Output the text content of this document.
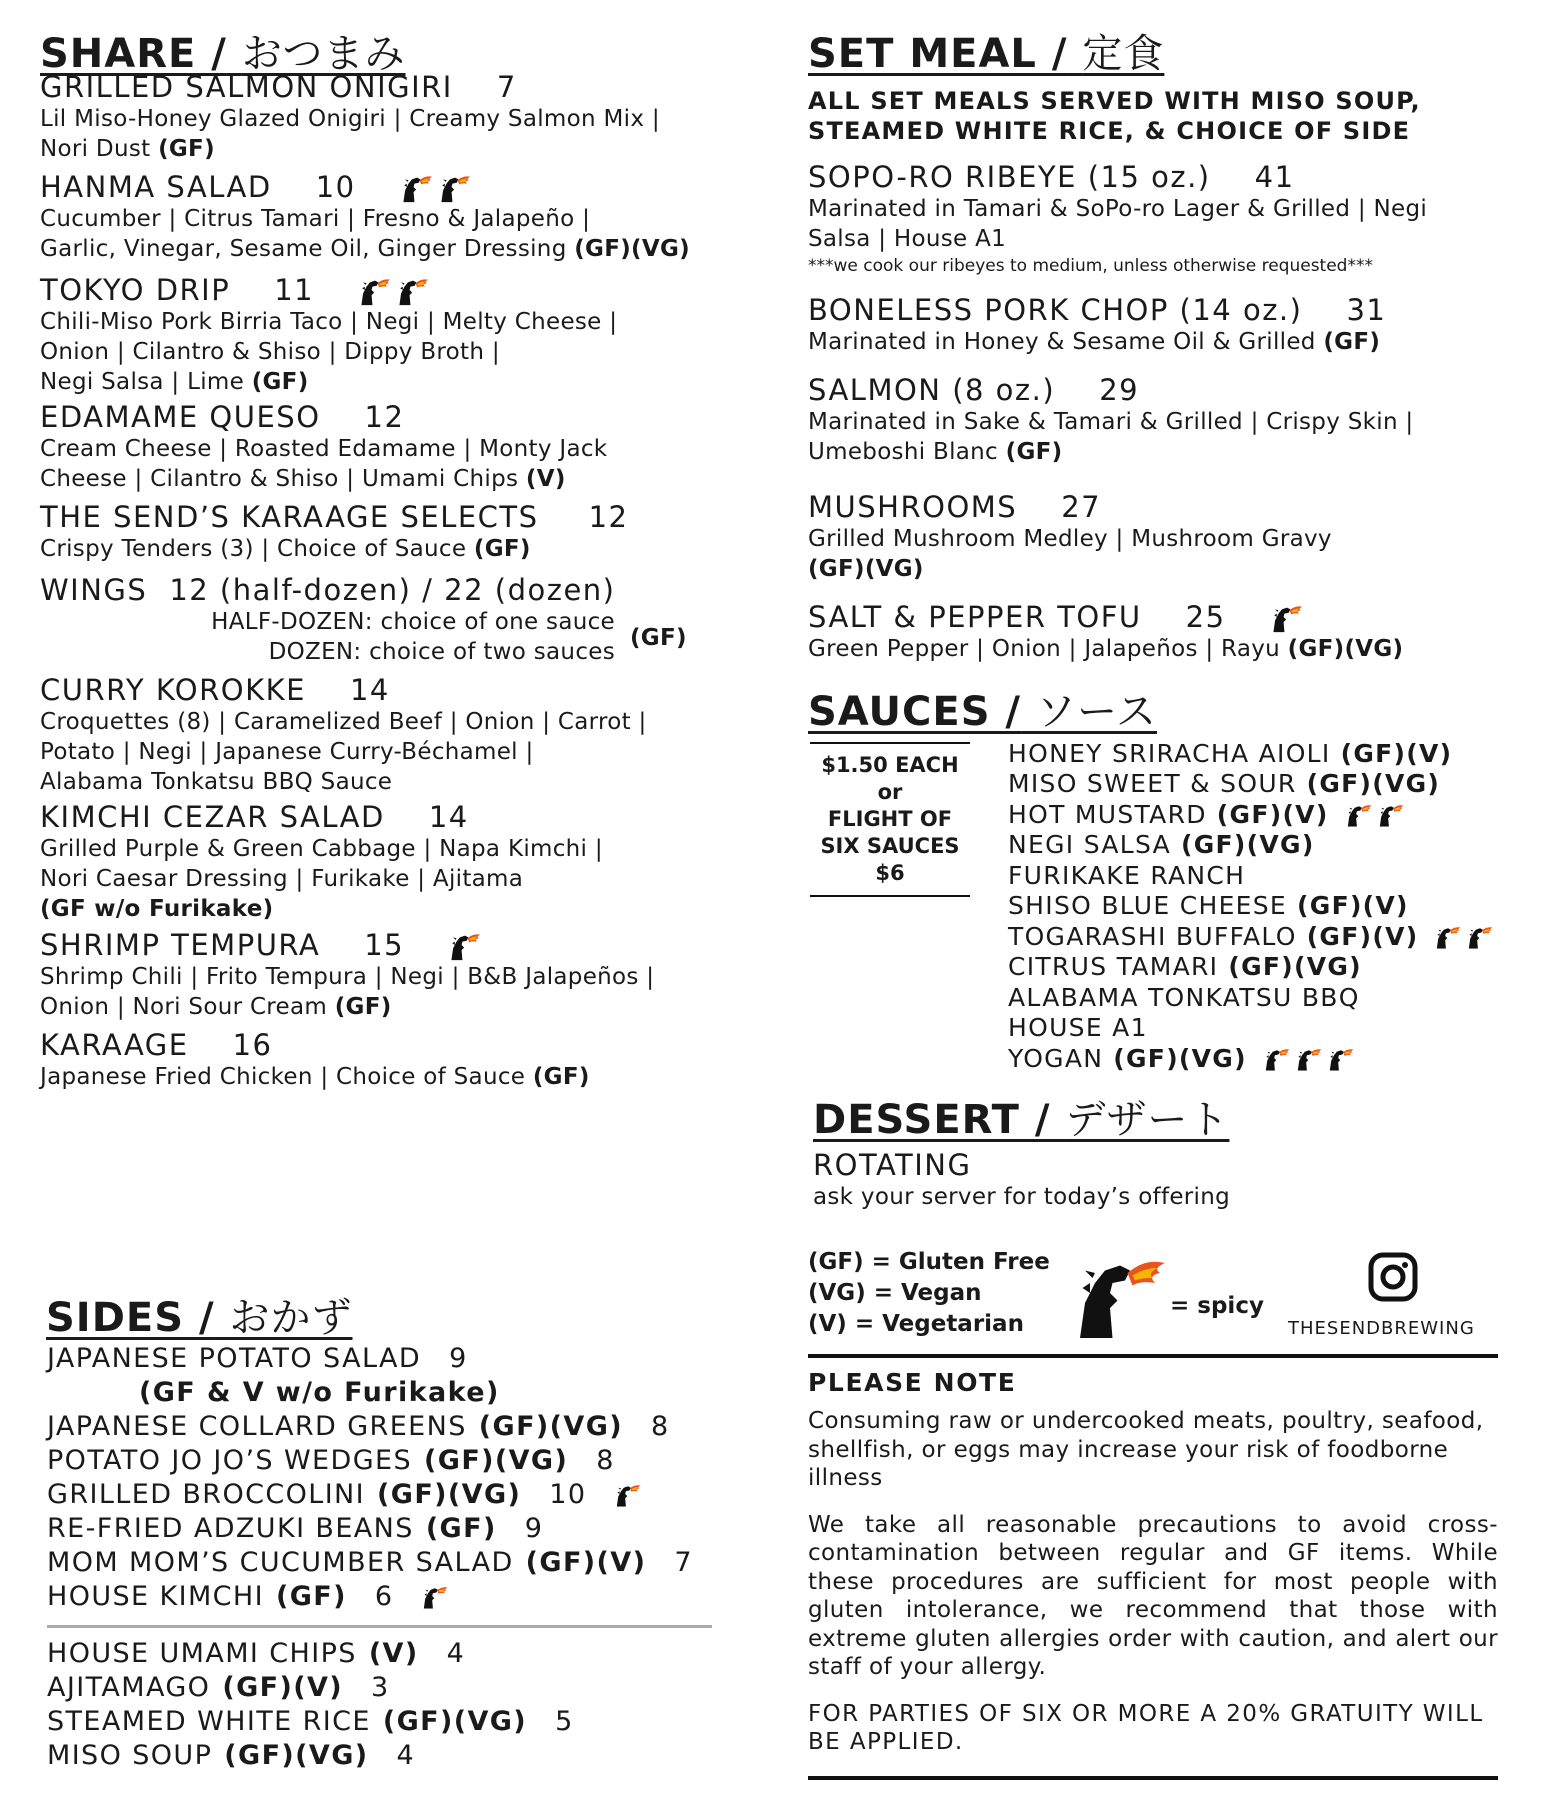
SHARE / おつまみ
GRILLED SALMON ONIGIRI 7
Lil Miso-Honey Glazed Onigiri | Creamy Salmon Mix |
Nori Dust (GF)
HANMA SALAD 10
Cucumber | Citrus Tamari | Fresno & Jalapeño |
Garlic, Vinegar, Sesame Oil, Ginger Dressing (GF)(VG)
TOKYO DRIP 11
Chili-Miso Pork Birria Taco | Negi | Melty Cheese |
Onion | Cilantro & Shiso | Dippy Broth |
Negi Salsa | Lime (GF)
EDAMAME QUESO 12
Cream Cheese | Roasted Edamame | Monty Jack
Cheese | Cilantro & Shiso | Umami Chips (V)
THE SEND’S KARAAGE SELECTS 12
Crispy Tenders (3) | Choice of Sauce (GF)
WINGS 12 (half-dozen) / 22 (dozen)
HALF-DOZEN: choice of one sauce
DOZEN: choice of two sauces
(GF)
CURRY KOROKKE 14
Croquettes (8) | Caramelized Beef | Onion | Carrot |
Potato | Negi | Japanese Curry-Béchamel |
Alabama Tonkatsu BBQ Sauce
KIMCHI CEZAR SALAD 14
Grilled Purple & Green Cabbage | Napa Kimchi |
Nori Caesar Dressing | Furikake | Ajitama
(GF w/o Furikake)
SHRIMP TEMPURA 15
Shrimp Chili | Frito Tempura | Negi | B&B Jalapeños |
Onion | Nori Sour Cream (GF)
KARAAGE 16
Japanese Fried Chicken | Choice of Sauce (GF)
SIDES / おかず
JAPANESE POTATO SALAD 9
(GF & V w/o Furikake)
JAPANESE COLLARD GREENS (GF)(VG) 8
POTATO JO JO’S WEDGES (GF)(VG) 8
GRILLED BROCCOLINI (GF)(VG) 10
RE-FRIED ADZUKI BEANS (GF) 9
MOM MOM’S CUCUMBER SALAD (GF)(V) 7
HOUSE KIMCHI (GF) 6
HOUSE UMAMI CHIPS (V) 4
AJITAMAGO (GF)(V) 3
STEAMED WHITE RICE (GF)(VG) 5
MISO SOUP (GF)(VG) 4
SET MEAL / 定食
ALL SET MEALS SERVED WITH MISO SOUP,
STEAMED WHITE RICE, & CHOICE OF SIDE
SOPO-RO RIBEYE (15 oz.) 41
Marinated in Tamari & SoPo-ro Lager & Grilled | Negi
Salsa | House A1
***we cook our ribeyes to medium, unless otherwise requested***
BONELESS PORK CHOP (14 oz.) 31
Marinated in Honey & Sesame Oil & Grilled (GF)
SALMON (8 oz.) 29
Marinated in Sake & Tamari & Grilled | Crispy Skin |
Umeboshi Blanc (GF)
MUSHROOMS 27
Grilled Mushroom Medley | Mushroom Gravy
(GF)(VG)
SALT & PEPPER TOFU 25
Green Pepper | Onion | Jalapeños | Rayu (GF)(VG)
SAUCES / ソース
$1.50 EACH
or
FLIGHT OF
SIX SAUCES
$6
HONEY SRIRACHA AIOLI (GF)(V)
MISO SWEET & SOUR (GF)(VG)
HOT MUSTARD (GF)(V)
NEGI SALSA (GF)(VG)
FURIKAKE RANCH
SHISO BLUE CHEESE (GF)(V)
TOGARASHI BUFFALO (GF)(V)
CITRUS TAMARI (GF)(VG)
ALABAMA TONKATSU BBQ
HOUSE A1
YOGAN (GF)(VG)
DESSERT / デザート
ROTATING
ask your server for today’s offering
(GF) = Gluten Free
(VG) = Vegan
(V) = Vegetarian
= spicy
THESENDBREWING
PLEASE NOTE
Consuming raw or undercooked meats, poultry, seafood, shellfish, or eggs may increase your risk of foodborne illness
We take all reasonable precautions to avoid cross-contamination between regular and GF items. While these procedures are sufficient for most people with gluten intolerance, we recommend that those with extreme gluten allergies order with caution, and alert our staff of your allergy.
FOR PARTIES OF SIX OR MORE A 20% GRATUITY WILL BE APPLIED.
